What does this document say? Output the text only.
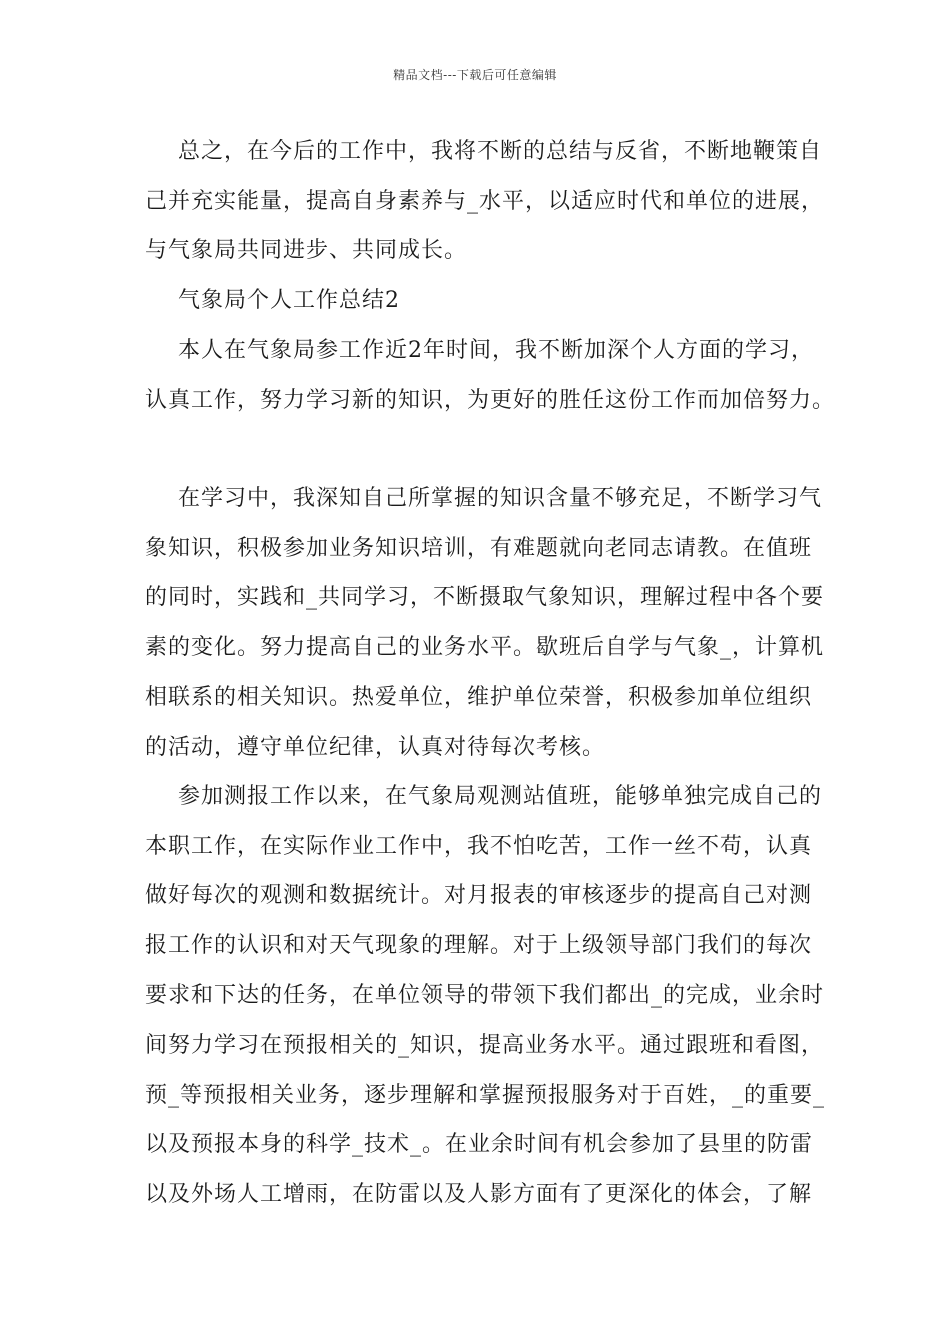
精品文档---下载后可任意编辑
总之，在今后的工作中，我将不断的总结与反省，不断地鞭策自
己并充实能量，提高自身素养与_水平，以适应时代和单位的进展，
与气象局共同进步、共同成长。
气象局个人工作总结2
本人在气象局参工作近2年时间，我不断加深个人方面的学习，
认真工作，努力学习新的知识，为更好的胜任这份工作而加倍努力。
在学习中，我深知自己所掌握的知识含量不够充足，不断学习气
象知识，积极参加业务知识培训，有难题就向老同志请教。在值班
的同时，实践和_共同学习，不断摄取气象知识，理解过程中各个要
素的变化。努力提高自己的业务水平。歇班后自学与气象_，计算机
相联系的相关知识。热爱单位，维护单位荣誉，积极参加单位组织
的活动，遵守单位纪律，认真对待每次考核。
参加测报工作以来，在气象局观测站值班，能够单独完成自己的
本职工作，在实际作业工作中，我不怕吃苦，工作一丝不苟，认真
做好每次的观测和数据统计。对月报表的审核逐步的提高自己对测
报工作的认识和对天气现象的理解。对于上级领导部门我们的每次
要求和下达的任务，在单位领导的带领下我们都出_的完成，业余时
间努力学习在预报相关的_知识，提高业务水平。通过跟班和看图，
预_等预报相关业务，逐步理解和掌握预报服务对于百姓，_的重要_
以及预报本身的科学_技术_。在业余时间有机会参加了县里的防雷
以及外场人工增雨，在防雷以及人影方面有了更深化的体会，了解
